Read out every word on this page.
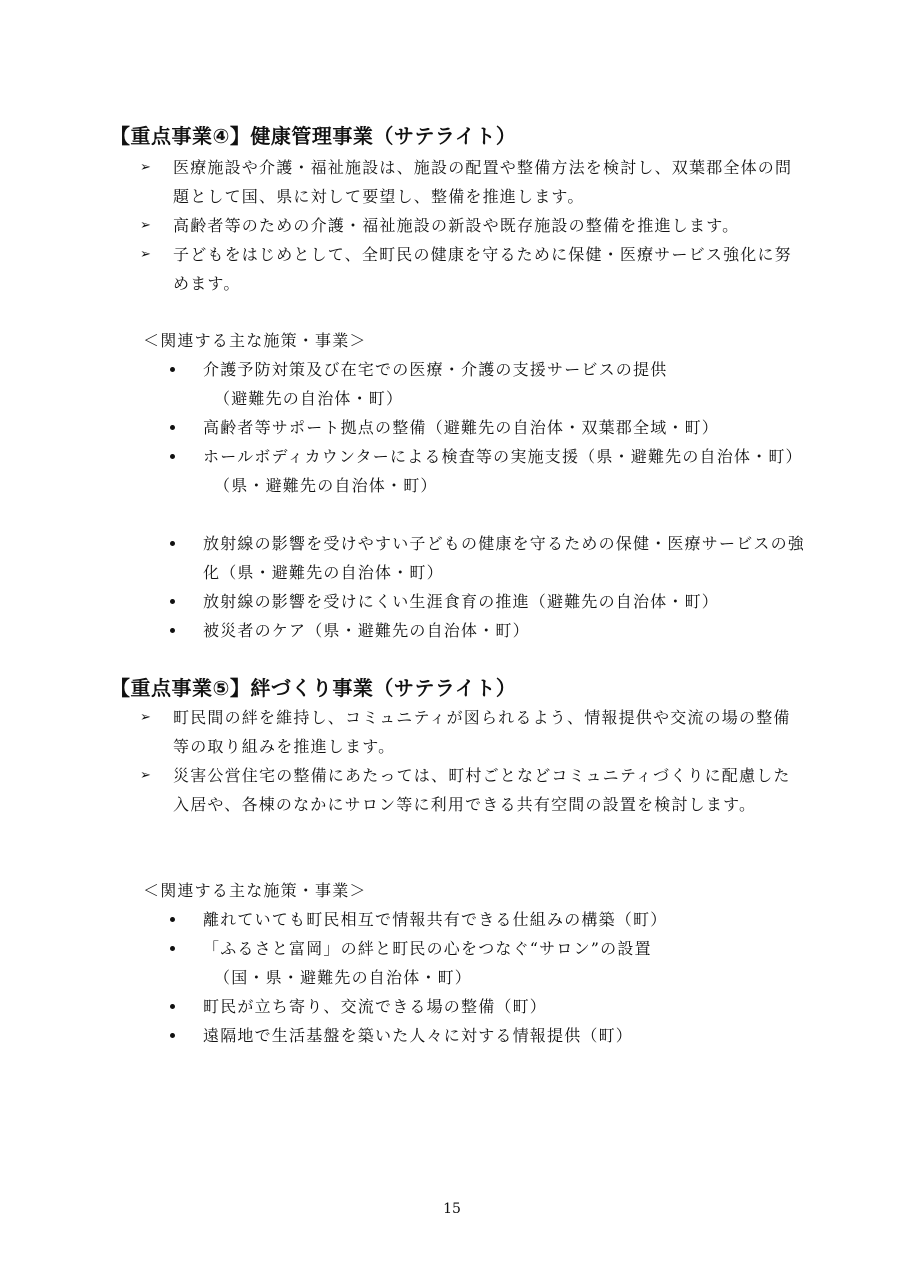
【重点事業④】健康管理事業（サテライト）
➢	医療施設や介護・福祉施設は、施設の配置や整備方法を検討し、双葉郡全体の問題として国、県に対して要望し、整備を推進します。
➢	高齢者等のための介護・福祉施設の新設や既存施設の整備を推進します。
➢	子どもをはじめとして、全町民の健康を守るために保健・医療サービス強化に努めます。
＜関連する主な施策・事業＞
介護予防対策及び在宅での医療・介護の支援サービスの提供
（避難先の自治体・町）
高齢者等サポート拠点の整備（避難先の自治体・双葉郡全域・町）
ホールボディカウンターによる検査等の実施支援（県・避難先の自治体・町）
（県・避難先の自治体・町）
放射線の影響を受けやすい子どもの健康を守るための保健・医療サービスの強化（県・避難先の自治体・町）
放射線の影響を受けにくい生涯食育の推進（避難先の自治体・町）
被災者のケア（県・避難先の自治体・町）
【重点事業⑤】絆づくり事業（サテライト）
➢	町民間の絆を維持し、コミュニティが図られるよう、情報提供や交流の場の整備等の取り組みを推進します。
➢	災害公営住宅の整備にあたっては、町村ごとなどコミュニティづくりに配慮した入居や、各棟のなかにサロン等に利用できる共有空間の設置を検討します。
＜関連する主な施策・事業＞
離れていても町民相互で情報共有できる仕組みの構築（町）
「ふるさと富岡」の絆と町民の心をつなぐ“サロン”の設置
（国・県・避難先の自治体・町）
町民が立ち寄り、交流できる場の整備（町）
遠隔地で生活基盤を築いた人々に対する情報提供（町）
15
